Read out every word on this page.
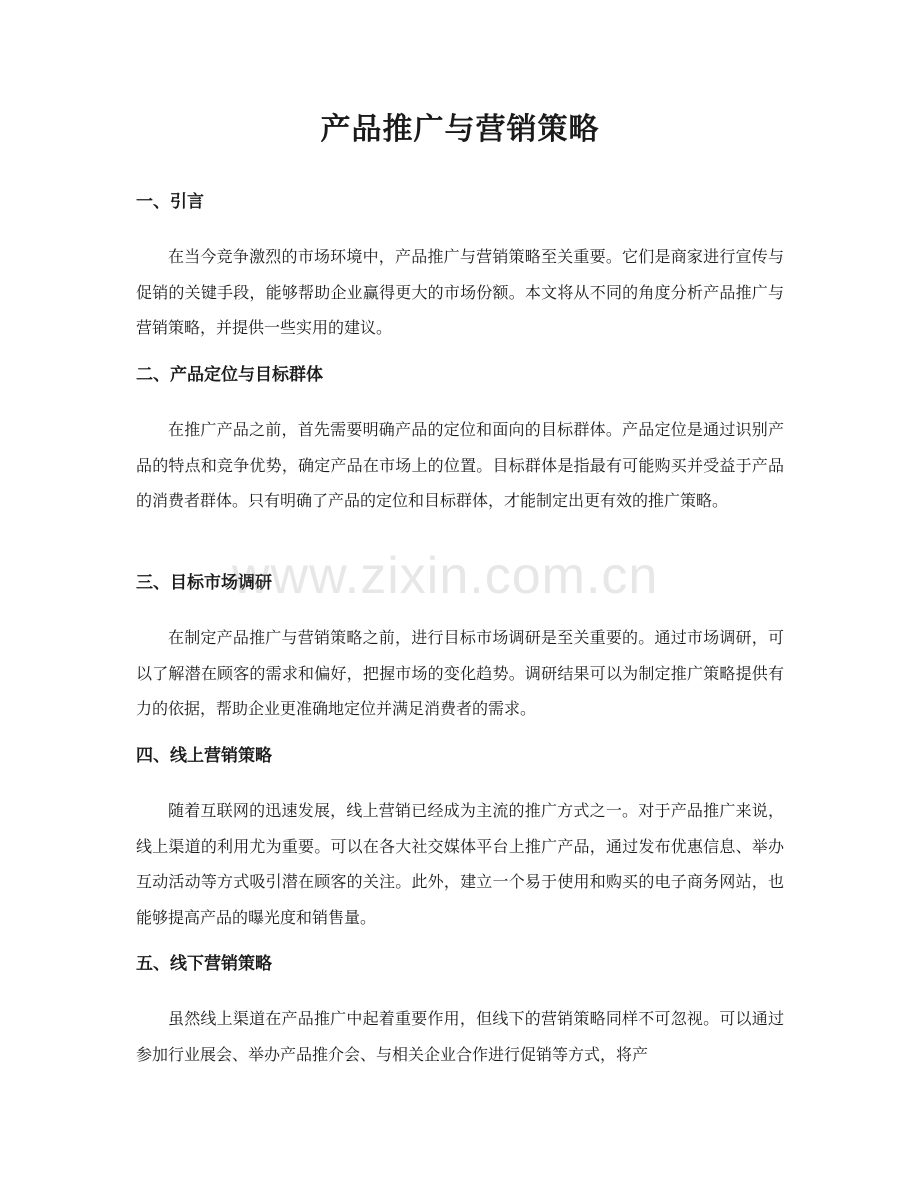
产品推广与营销策略
一、引言

在当今竞争激烈的市场环境中，产品推广与营销策略至关重要。它们是商家进行宣传与促销的关键手段，能够帮助企业赢得更大的市场份额。本文将从不同的角度分析产品推广与营销策略，并提供一些实用的建议。

二、产品定位与目标群体

在推广产品之前，首先需要明确产品的定位和面向的目标群体。产品定位是通过识别产品的特点和竞争优势，确定产品在市场上的位置。目标群体是指最有可能购买并受益于产品的消费者群体。只有明确了产品的定位和目标群体，才能制定出更有效的推广策略。

三、目标市场调研

在制定产品推广与营销策略之前，进行目标市场调研是至关重要的。通过市场调研，可以了解潜在顾客的需求和偏好，把握市场的变化趋势。调研结果可以为制定推广策略提供有力的依据，帮助企业更准确地定位并满足消费者的需求。

四、线上营销策略

随着互联网的迅速发展，线上营销已经成为主流的推广方式之一。对于产品推广来说，线上渠道的利用尤为重要。可以在各大社交媒体平台上推广产品，通过发布优惠信息、举办互动活动等方式吸引潜在顾客的关注。此外，建立一个易于使用和购买的电子商务网站，也能够提高产品的曝光度和销售量。

五、线下营销策略

虽然线上渠道在产品推广中起着重要作用，但线下的营销策略同样不可忽视。可以通过参加行业展会、举办产品推介会、与相关企业合作进行促销等方式，将产

www.zixin.com.cn
